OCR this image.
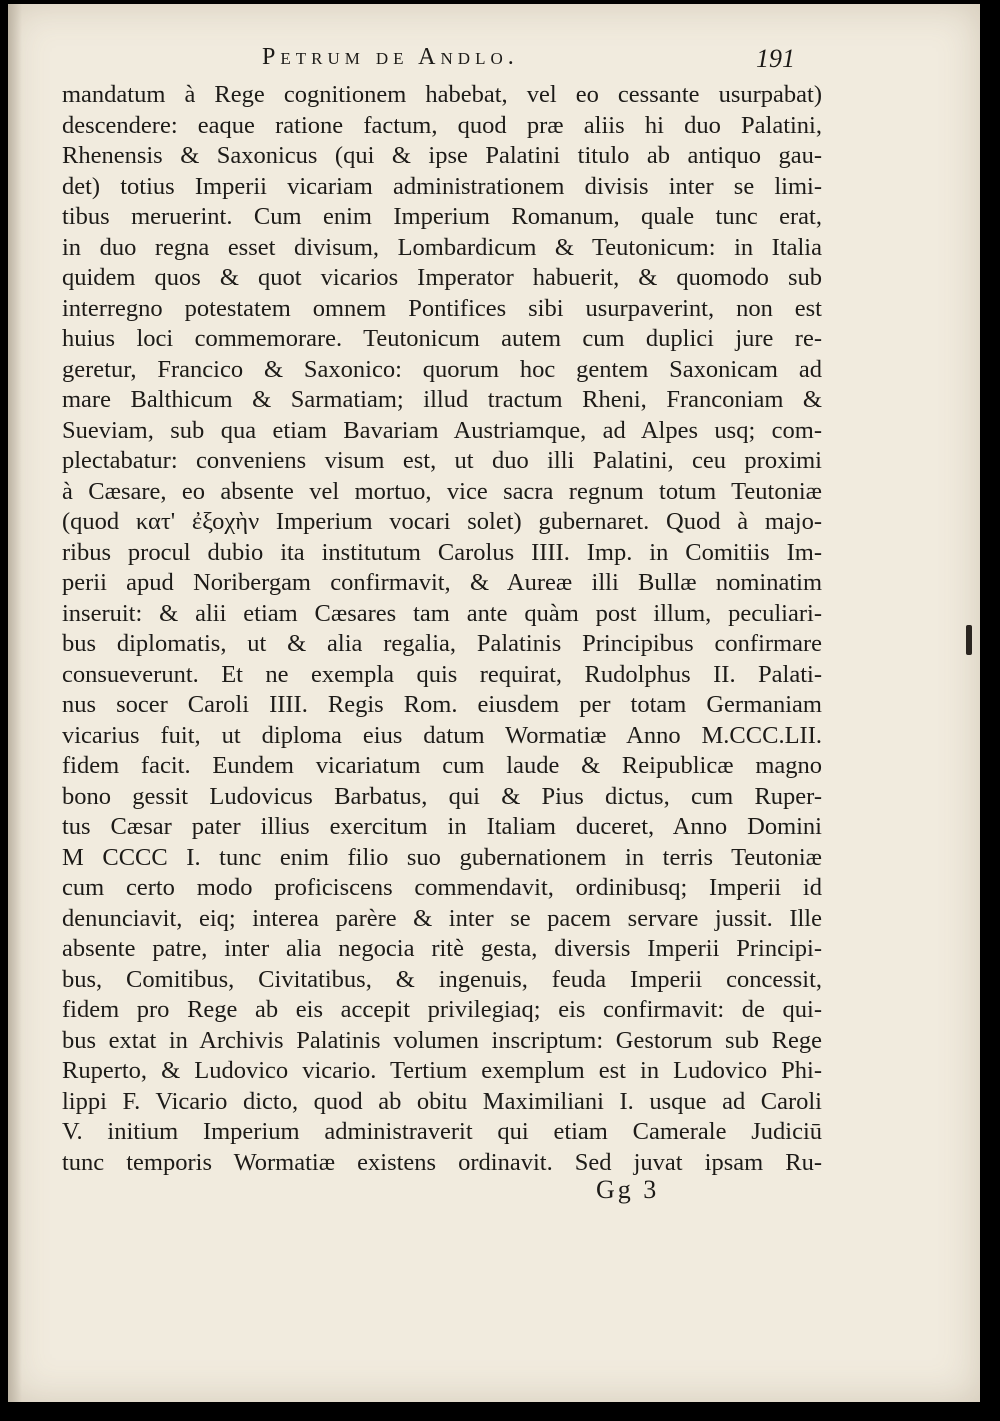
Petrum de Andlo.	191
mandatum à Rege cognitionem habebat, vel eo cessante usurpabat)
descendere: eaque ratione factum, quod præ aliis hi duo Palatini,
Rhenensis & Saxonicus (qui & ipse Palatini titulo ab antiquo gau-
det) totius Imperii vicariam administrationem divisis inter se limi-
tibus meruerint. Cum enim Imperium Romanum, quale tunc erat,
in duo regna esset divisum, Lombardicum & Teutonicum: in Italia
quidem quos & quot vicarios Imperator habuerit, & quomodo sub
interregno potestatem omnem Pontifices sibi usurpaverint, non est
huius loci commemorare. Teutonicum autem cum duplici jure re-
geretur, Francico & Saxonico: quorum hoc gentem Saxonicam ad
mare Balthicum & Sarmatiam; illud tractum Rheni, Franconiam &
Sueviam, sub qua etiam Bavariam Austriamque, ad Alpes usq; com-
plectabatur: conveniens visum est, ut duo illi Palatini, ceu proximi
à Cæsare, eo absente vel mortuo, vice sacra regnum totum Teutoniæ
(quod κατ' ἐξοχὴν Imperium vocari solet) gubernaret. Quod à majo-
ribus procul dubio ita institutum Carolus IIII. Imp. in Comitiis Im-
perii apud Noribergam confirmavit, & Aureæ illi Bullæ nominatim
inseruit: & alii etiam Cæsares tam ante quàm post illum, peculiari-
bus diplomatis, ut & alia regalia, Palatinis Principibus confirmare
consueverunt. Et ne exempla quis requirat, Rudolphus II. Palati-
nus socer Caroli IIII. Regis Rom. eiusdem per totam Germaniam
vicarius fuit, ut diploma eius datum Wormatiæ Anno M.CCC.LII.
fidem facit. Eundem vicariatum cum laude & Reipublicæ magno
bono gessit Ludovicus Barbatus, qui & Pius dictus, cum Ruper-
tus Cæsar pater illius exercitum in Italiam duceret, Anno Domini
M CCCC I. tunc enim filio suo gubernationem in terris Teutoniæ
cum certo modo proficiscens commendavit, ordinibusq; Imperii id
denunciavit, eiq; interea parère & inter se pacem servare jussit. Ille
absente patre, inter alia negocia ritè gesta, diversis Imperii Principi-
bus, Comitibus, Civitatibus, & ingenuis, feuda Imperii concessit,
fidem pro Rege ab eis accepit privilegiaq; eis confirmavit: de qui-
bus extat in Archivis Palatinis volumen inscriptum: Gestorum sub Rege
Ruperto, & Ludovico vicario. Tertium exemplum est in Ludovico Phi-
lippi F. Vicario dicto, quod ab obitu Maximiliani I. usque ad Caroli
V. initium Imperium administraverit qui etiam Camerale Judiciū
tunc temporis Wormatiæ existens ordinavit. Sed juvat ipsam Ru-
Gg 3
